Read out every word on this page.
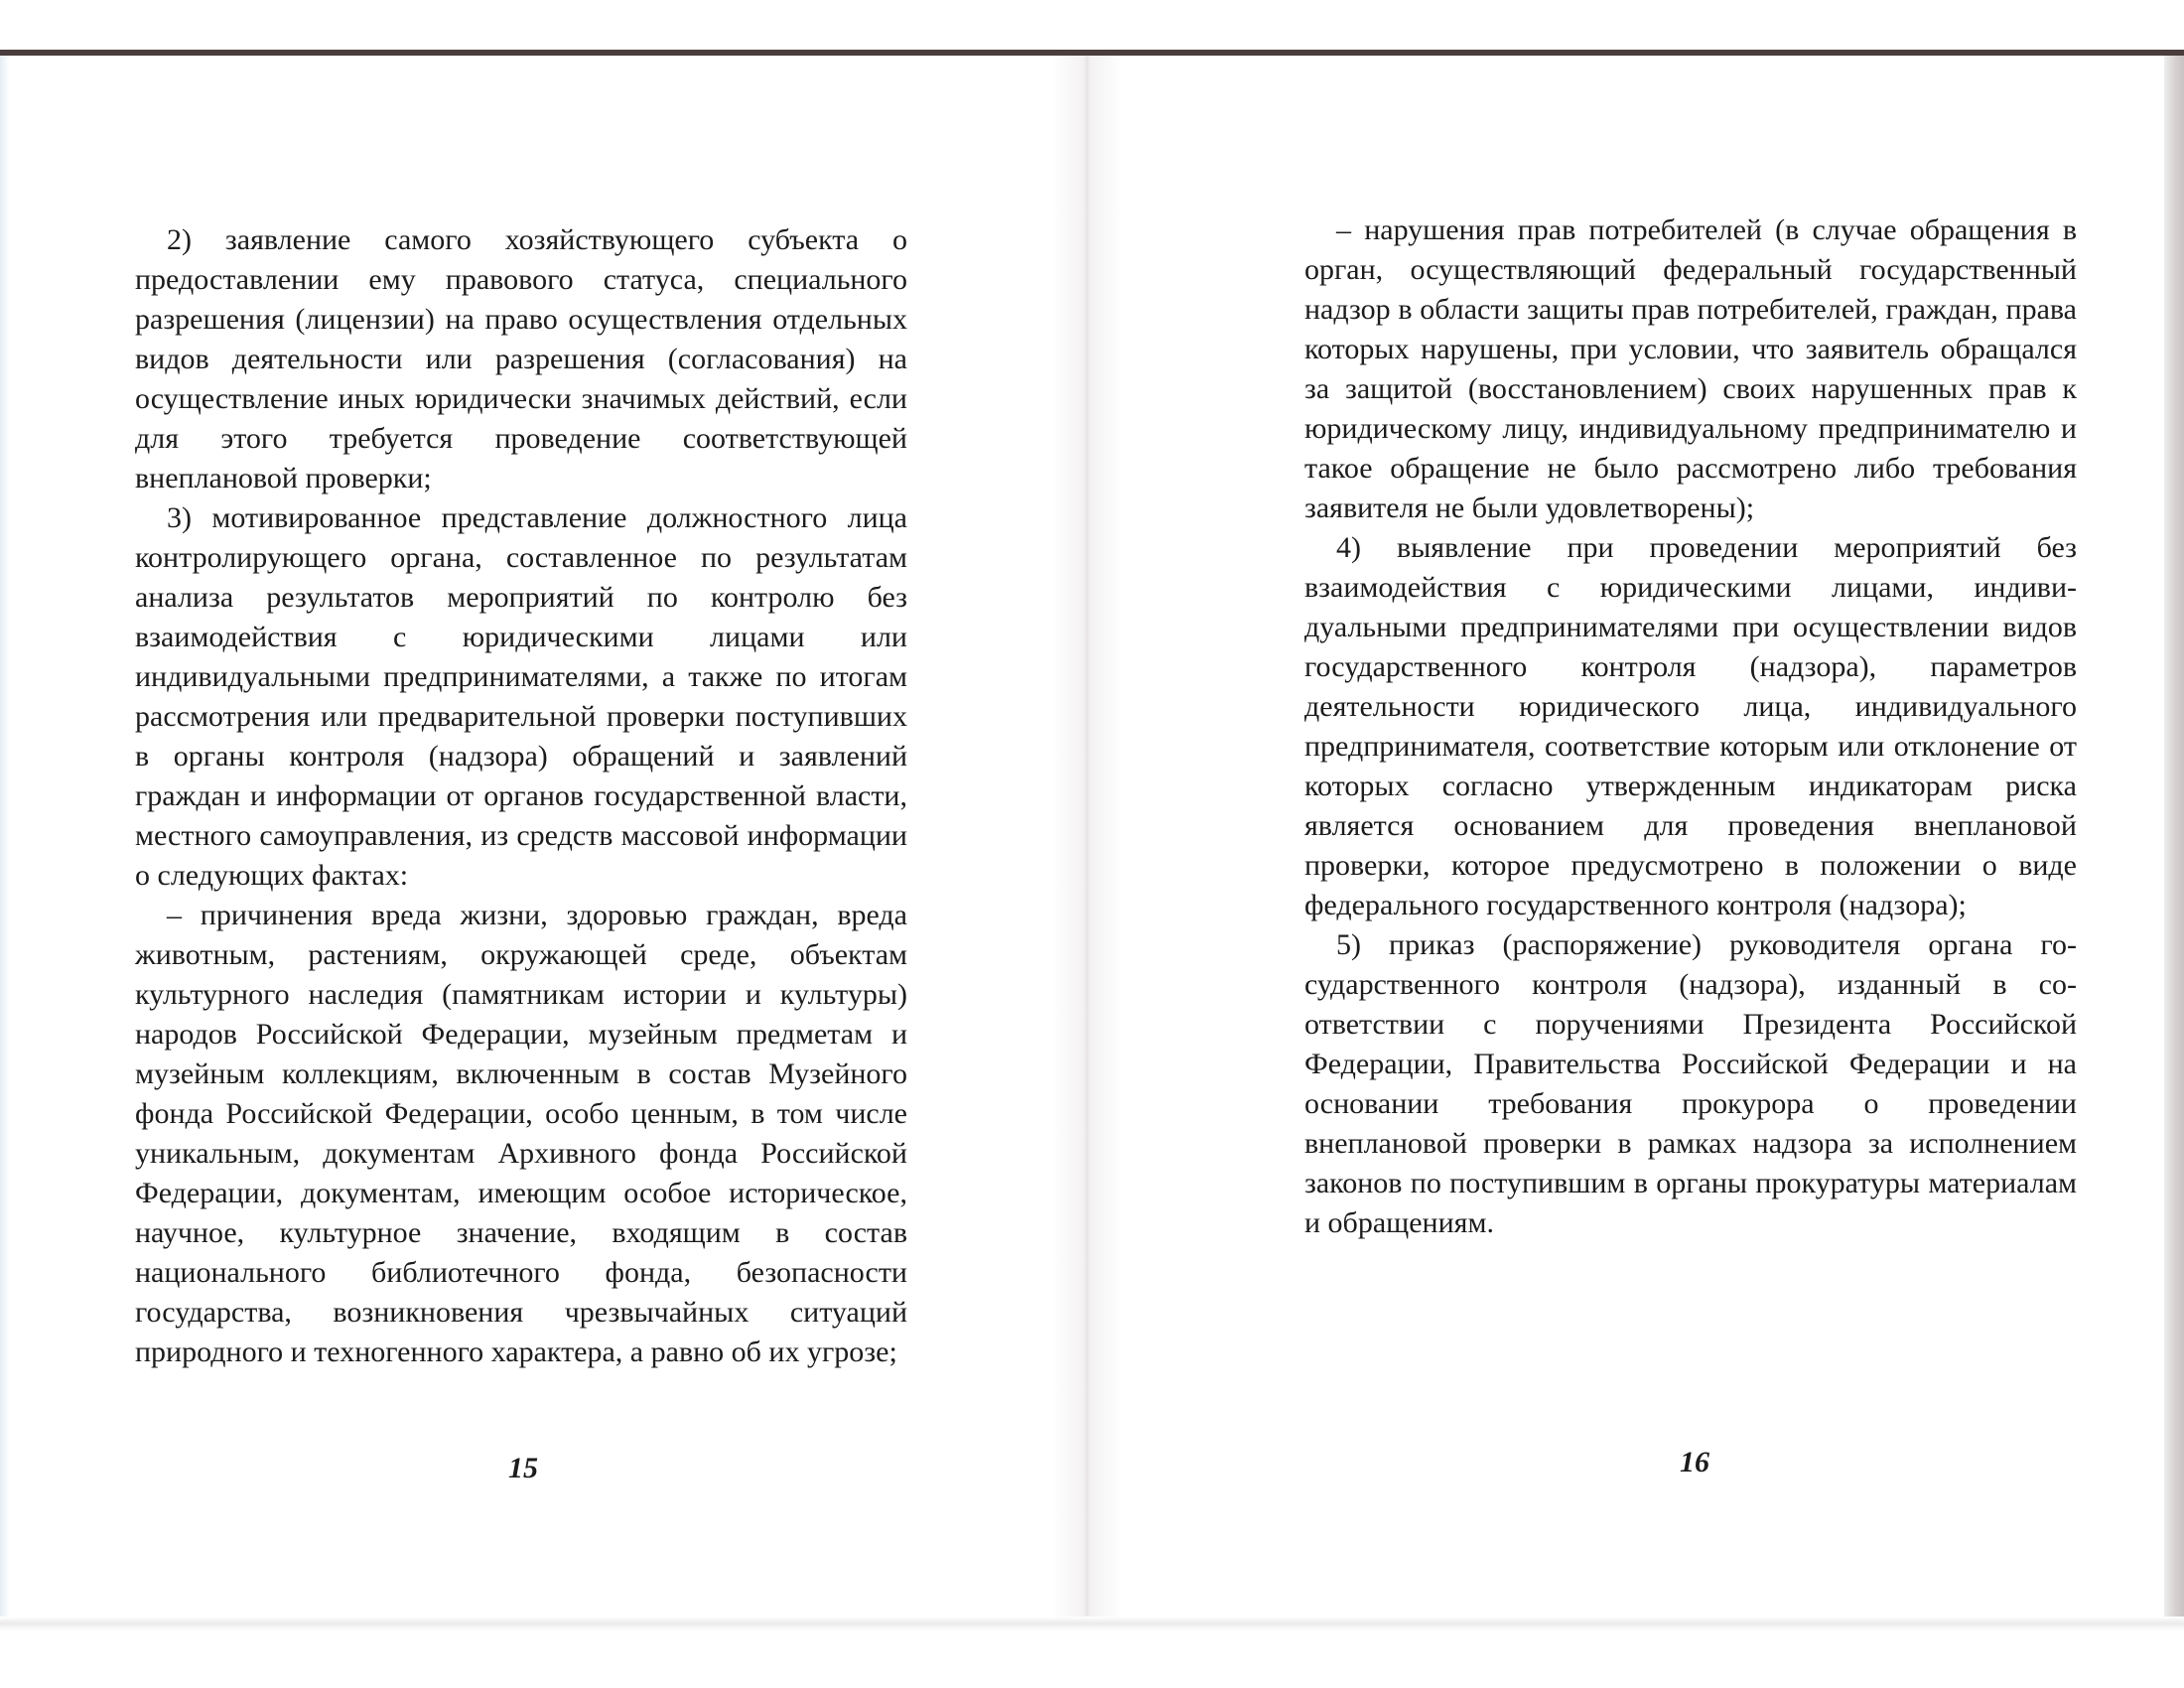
2) заявление самого хозяйствующего субъекта о предоставлении ему правового статуса, специального разрешения (лицензии) на право осуществления отдельных видов деятельности или разрешения (согласования) на осуществление иных юридически значимых действий, если для этого требуется проведение соответствующей внеплановой проверки;

3) мотивированное представление должностного лица контролирующего органа, составленное по результатам анализа результатов мероприятий по контролю без взаимодействия с юридическими лицами или индивидуальными предпринимателями, а также по итогам рассмотрения или предварительной проверки поступивших в органы контроля (надзора) обращений и заявлений граждан и информации от органов государственной власти, местного самоуправления, из средств массовой информации о следующих фактах:

– причинения вреда жизни, здоровью граждан, вреда животным, растениям, окружающей среде, объектам культурного наследия (памятникам истории и культуры) народов Российской Федерации, музейным предметам и музейным коллекциям, включенным в состав Музейного фонда Российской Федерации, особо ценным, в том числе уникальным, документам Архивного фонда Российской Федерации, документам, имеющим особое историческое, научное, культурное значение, входящим в состав национального библиотечного фонда, безопасности государства, возникновения чрезвычайных ситуаций природного и техногенного характера, а равно об их угрозе;

15

– нарушения прав потребителей (в случае обращения в орган, осуществляющий федеральный государственный надзор в области защиты прав потребителей, граждан, права которых нарушены, при условии, что заявитель обращался за защитой (восстановлением) своих нарушенных прав к юридическому лицу, индивидуальному предпринимателю и такое обращение не было рассмотрено либо требования заявителя не были удовлетворены);

4) выявление при проведении мероприятий без взаимодействия с юридическими лицами, индивидуальными предпринимателями при осуществлении видов государственного контроля (надзора), параметров деятельности юридического лица, индивидуального предпринимателя, соответствие которым или отклонение от которых согласно утвержденным индикаторам риска является основанием для проведения внеплановой проверки, которое предусмотрено в положении о виде федерального государственного контроля (надзора);

5) приказ (распоряжение) руководителя органа государственного контроля (надзора), изданный в соответствии с поручениями Президента Российской Федерации, Правительства Российской Федерации и на основании требования прокурора о проведении внеплановой проверки в рамках надзора за исполнением законов по поступившим в органы прокуратуры материалам и обращениям.

16
